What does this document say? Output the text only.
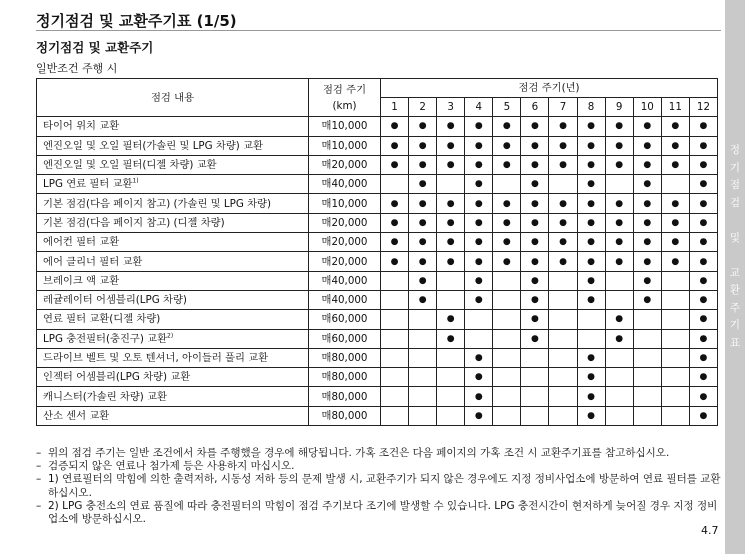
정기점검 및 교환주기표 (1/5)
정기점검 및 교환주기
일반조건 주행 시
점검 내용	점검 주기
(km)	점검 주기(년)											
		1	2	3	4	5	6	7	8	9	10	11	12
타이어 위치 교환	매10,000	●	●	●	●	●	●	●	●	●	●	●	●
엔진오일 및 오일 필터(가솔린 및 LPG 차량) 교환	매10,000	●	●	●	●	●	●	●	●	●	●	●	●
엔진오일 및 오일 필터(디젤 차량) 교환	매20,000	●	●	●	●	●	●	●	●	●	●	●	●
LPG 연료 필터 교환$^{1)}$	매40,000		●		●		●		●		●		●
기본 점검(다음 페이지 참고) (가솔린 및 LPG 차량)	매10,000	●	●	●	●	●	●	●	●	●	●	●	●
기본 점검(다음 페이지 참고) (디젤 차량)	매20,000	●	●	●	●	●	●	●	●	●	●	●	●
에어컨 필터 교환	매20,000	●	●	●	●	●	●	●	●	●	●	●	●
에어 클리너 필터 교환	매20,000	●	●	●	●	●	●	●	●	●	●	●	●
브레이크 액 교환	매40,000		●		●		●		●		●		●
레귤레이터 어셈블리(LPG 차량)	매40,000		●		●		●		●		●		●
연료 필터 교환(디젤 차량)	매60,000			●			●			●			●
LPG 충전필터(충진구) 교환$^{2)}$	매60,000			●			●			●			●
드라이브 벨트 및 오토 텐셔너, 아이들러 풀리 교환	매80,000				●				●				●
인젝터 어셈블리(LPG 차량) 교환	매80,000				●				●				●
캐니스터(가솔린 차량) 교환	매80,000				●				●				●
산소 센서 교환	매80,000				●				●				●

– 위의 점검 주기는 일반 조건에서 차를 주행했을 경우에 해당됩니다. 가혹 조건은 다음 페이지의 가혹 조건 시 교환주기표를 참고하십시오.

– 검증되지 않은 연료나 첨가제 등은 사용하지 마십시오.

– 1) 연료필터의 막힘에 의한 출력저하, 시동성 저하 등의 문제 발생 시, 교환주기가 되지 않은 경우에도 지정 정비사업소에 방문하여 연료 필터를 교환 하십시오.

– 2) LPG 충전소의 연료 품질에 따라 충전필터의 막힘이 점검 주기보다 조기에 발생할 수 있습니다. LPG 충전시간이 현저하게 늦어질 경우 지정 정비업소에 방문하십시오.

4.7
정
기
점
검

및

교
환
주
기
표
